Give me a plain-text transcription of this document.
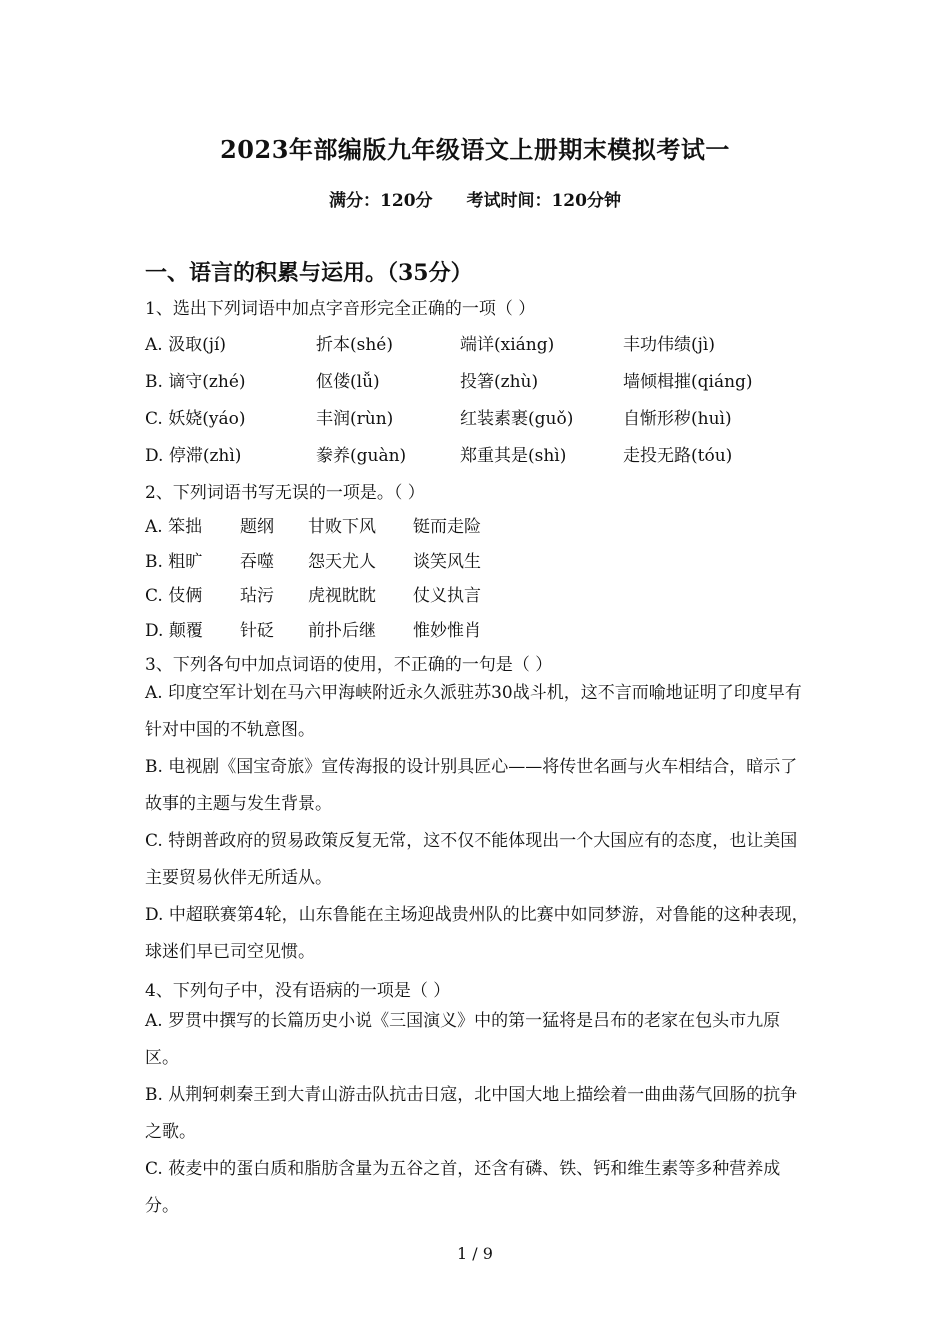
2023年部编版九年级语文上册期末模拟考试一
满分：120分 考试时间：120分钟
一、语言的积累与运用。（35分）
1、选出下列词语中加点字音形完全正确的一项（ ）
A. 汲取(jí)	折本(shé)	端详(xiáng)	丰功伟绩(jì)
B. 谪守(zhé)	伛偻(lǚ)	投箸(zhù)	墙倾楫摧(qiáng)
C. 妖娆(yáo)	丰润(rùn)	红装素裹(guǒ)	自惭形秽(huì)
D. 停滞(zhì)	豢养(guàn)	郑重其是(shì)	走投无路(tóu)
2、下列词语书写无误的一项是。（ ）
A. 笨拙 题纲 甘败下风 铤而走险
B. 粗旷 吞噬 怨天尤人 谈笑风生
C. 伎俩 玷污 虎视眈眈 仗义执言
D. 颠覆 针砭 前扑后继 惟妙惟肖
3、下列各句中加点词语的使用，不正确的一句是（ ）
A. 印度空军计划在马六甲海峡附近永久派驻苏30战斗机，这不言而喻地证明了印度早有针对中国的不轨意图。
B. 电视剧《国宝奇旅》宣传海报的设计别具匠心——将传世名画与火车相结合，暗示了故事的主题与发生背景。
C. 特朗普政府的贸易政策反复无常，这不仅不能体现出一个大国应有的态度，也让美国主要贸易伙伴无所适从。
D. 中超联赛第4轮，山东鲁能在主场迎战贵州队的比赛中如同梦游，对鲁能的这种表现，球迷们早已司空见惯。
4、下列句子中，没有语病的一项是（ ）
A. 罗贯中撰写的长篇历史小说《三国演义》中的第一猛将是吕布的老家在包头市九原区。
B. 从荆轲刺秦王到大青山游击队抗击日寇，北中国大地上描绘着一曲曲荡气回肠的抗争之歌。
C. 莜麦中的蛋白质和脂肪含量为五谷之首，还含有磷、铁、钙和维生素等多种营养成分。
1 / 9
